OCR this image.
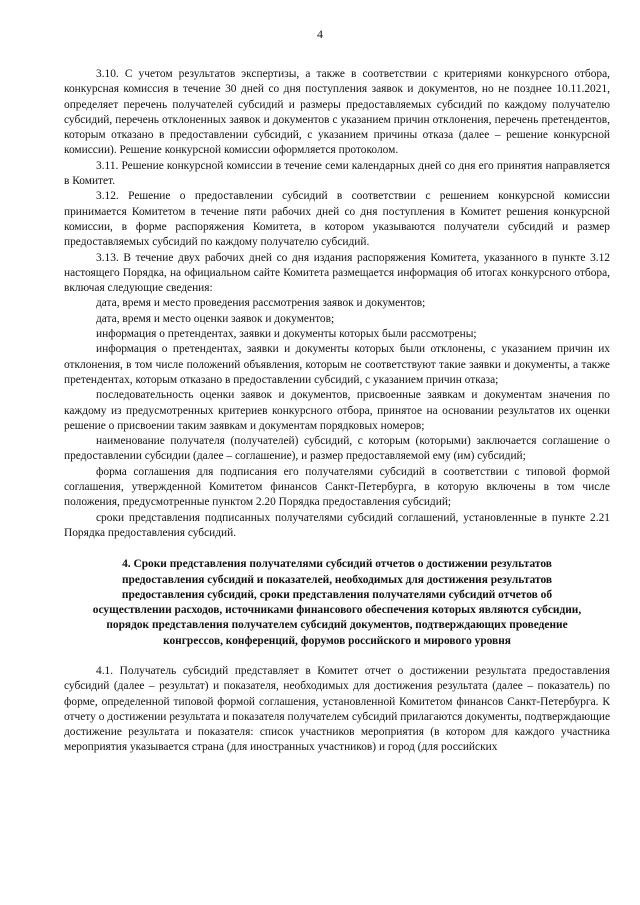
4

3.10. С учетом результатов экспертизы, а также в соответствии с критериями конкурсного отбора, конкурсная комиссия в течение 30 дней со дня поступления заявок и документов, но не позднее 10.11.2021, определяет перечень получателей субсидий и размеры предоставляемых субсидий по каждому получателю субсидий, перечень отклоненных заявок и документов с указанием причин отклонения, перечень претендентов, которым отказано в предоставлении субсидий, с указанием причины отказа (далее – решение конкурсной комиссии). Решение конкурсной комиссии оформляется протоколом.

3.11. Решение конкурсной комиссии в течение семи календарных дней со дня его принятия направляется в Комитет.

3.12. Решение о предоставлении субсидий в соответствии с решением конкурсной комиссии принимается Комитетом в течение пяти рабочих дней со дня поступления в Комитет решения конкурсной комиссии, в форме распоряжения Комитета, в котором указываются получатели субсидий и размер предоставляемых субсидий по каждому получателю субсидий.

3.13. В течение двух рабочих дней со дня издания распоряжения Комитета, указанного в пункте 3.12 настоящего Порядка, на официальном сайте Комитета размещается информация об итогах конкурсного отбора, включая следующие сведения:

дата, время и место проведения рассмотрения заявок и документов;

дата, время и место оценки заявок и документов;

информация о претендентах, заявки и документы которых были рассмотрены;

информация о претендентах, заявки и документы которых были отклонены, с указанием причин их отклонения, в том числе положений объявления, которым не соответствуют такие заявки и документы, а также претендентах, которым отказано в предоставлении субсидий, с указанием причин отказа;

последовательность оценки заявок и документов, присвоенные заявкам и документам значения по каждому из предусмотренных критериев конкурсного отбора, принятое на основании результатов их оценки решение о присвоении таким заявкам и документам порядковых номеров;

наименование получателя (получателей) субсидий, с которым (которыми) заключается соглашение о предоставлении субсидии (далее – соглашение), и размер предоставляемой ему (им) субсидий;

форма соглашения для подписания его получателями субсидий в соответствии с типовой формой соглашения, утвержденной Комитетом финансов Санкт-Петербурга, в которую включены в том числе положения, предусмотренные пунктом 2.20 Порядка предоставления субсидий;

сроки представления подписанных получателями субсидий соглашений, установленные в пункте 2.21 Порядка предоставления субсидий.

4. Сроки представления получателями субсидий отчетов о достижении результатов предоставления субсидий и показателей, необходимых для достижения результатов предоставления субсидий, сроки представления получателями субсидий отчетов об осуществлении расходов, источниками финансового обеспечения которых являются субсидии, порядок представления получателем субсидий документов, подтверждающих проведение конгрессов, конференций, форумов российского и мирового уровня

4.1. Получатель субсидий представляет в Комитет отчет о достижении результата предоставления субсидий (далее – результат) и показателя, необходимых для достижения результата (далее – показатель) по форме, определенной типовой формой соглашения, установленной Комитетом финансов Санкт-Петербурга. К отчету о достижении результата и показателя получателем субсидий прилагаются документы, подтверждающие достижение результата и показателя: список участников мероприятия (в котором для каждого участника мероприятия указывается страна (для иностранных участников) и город (для российских
